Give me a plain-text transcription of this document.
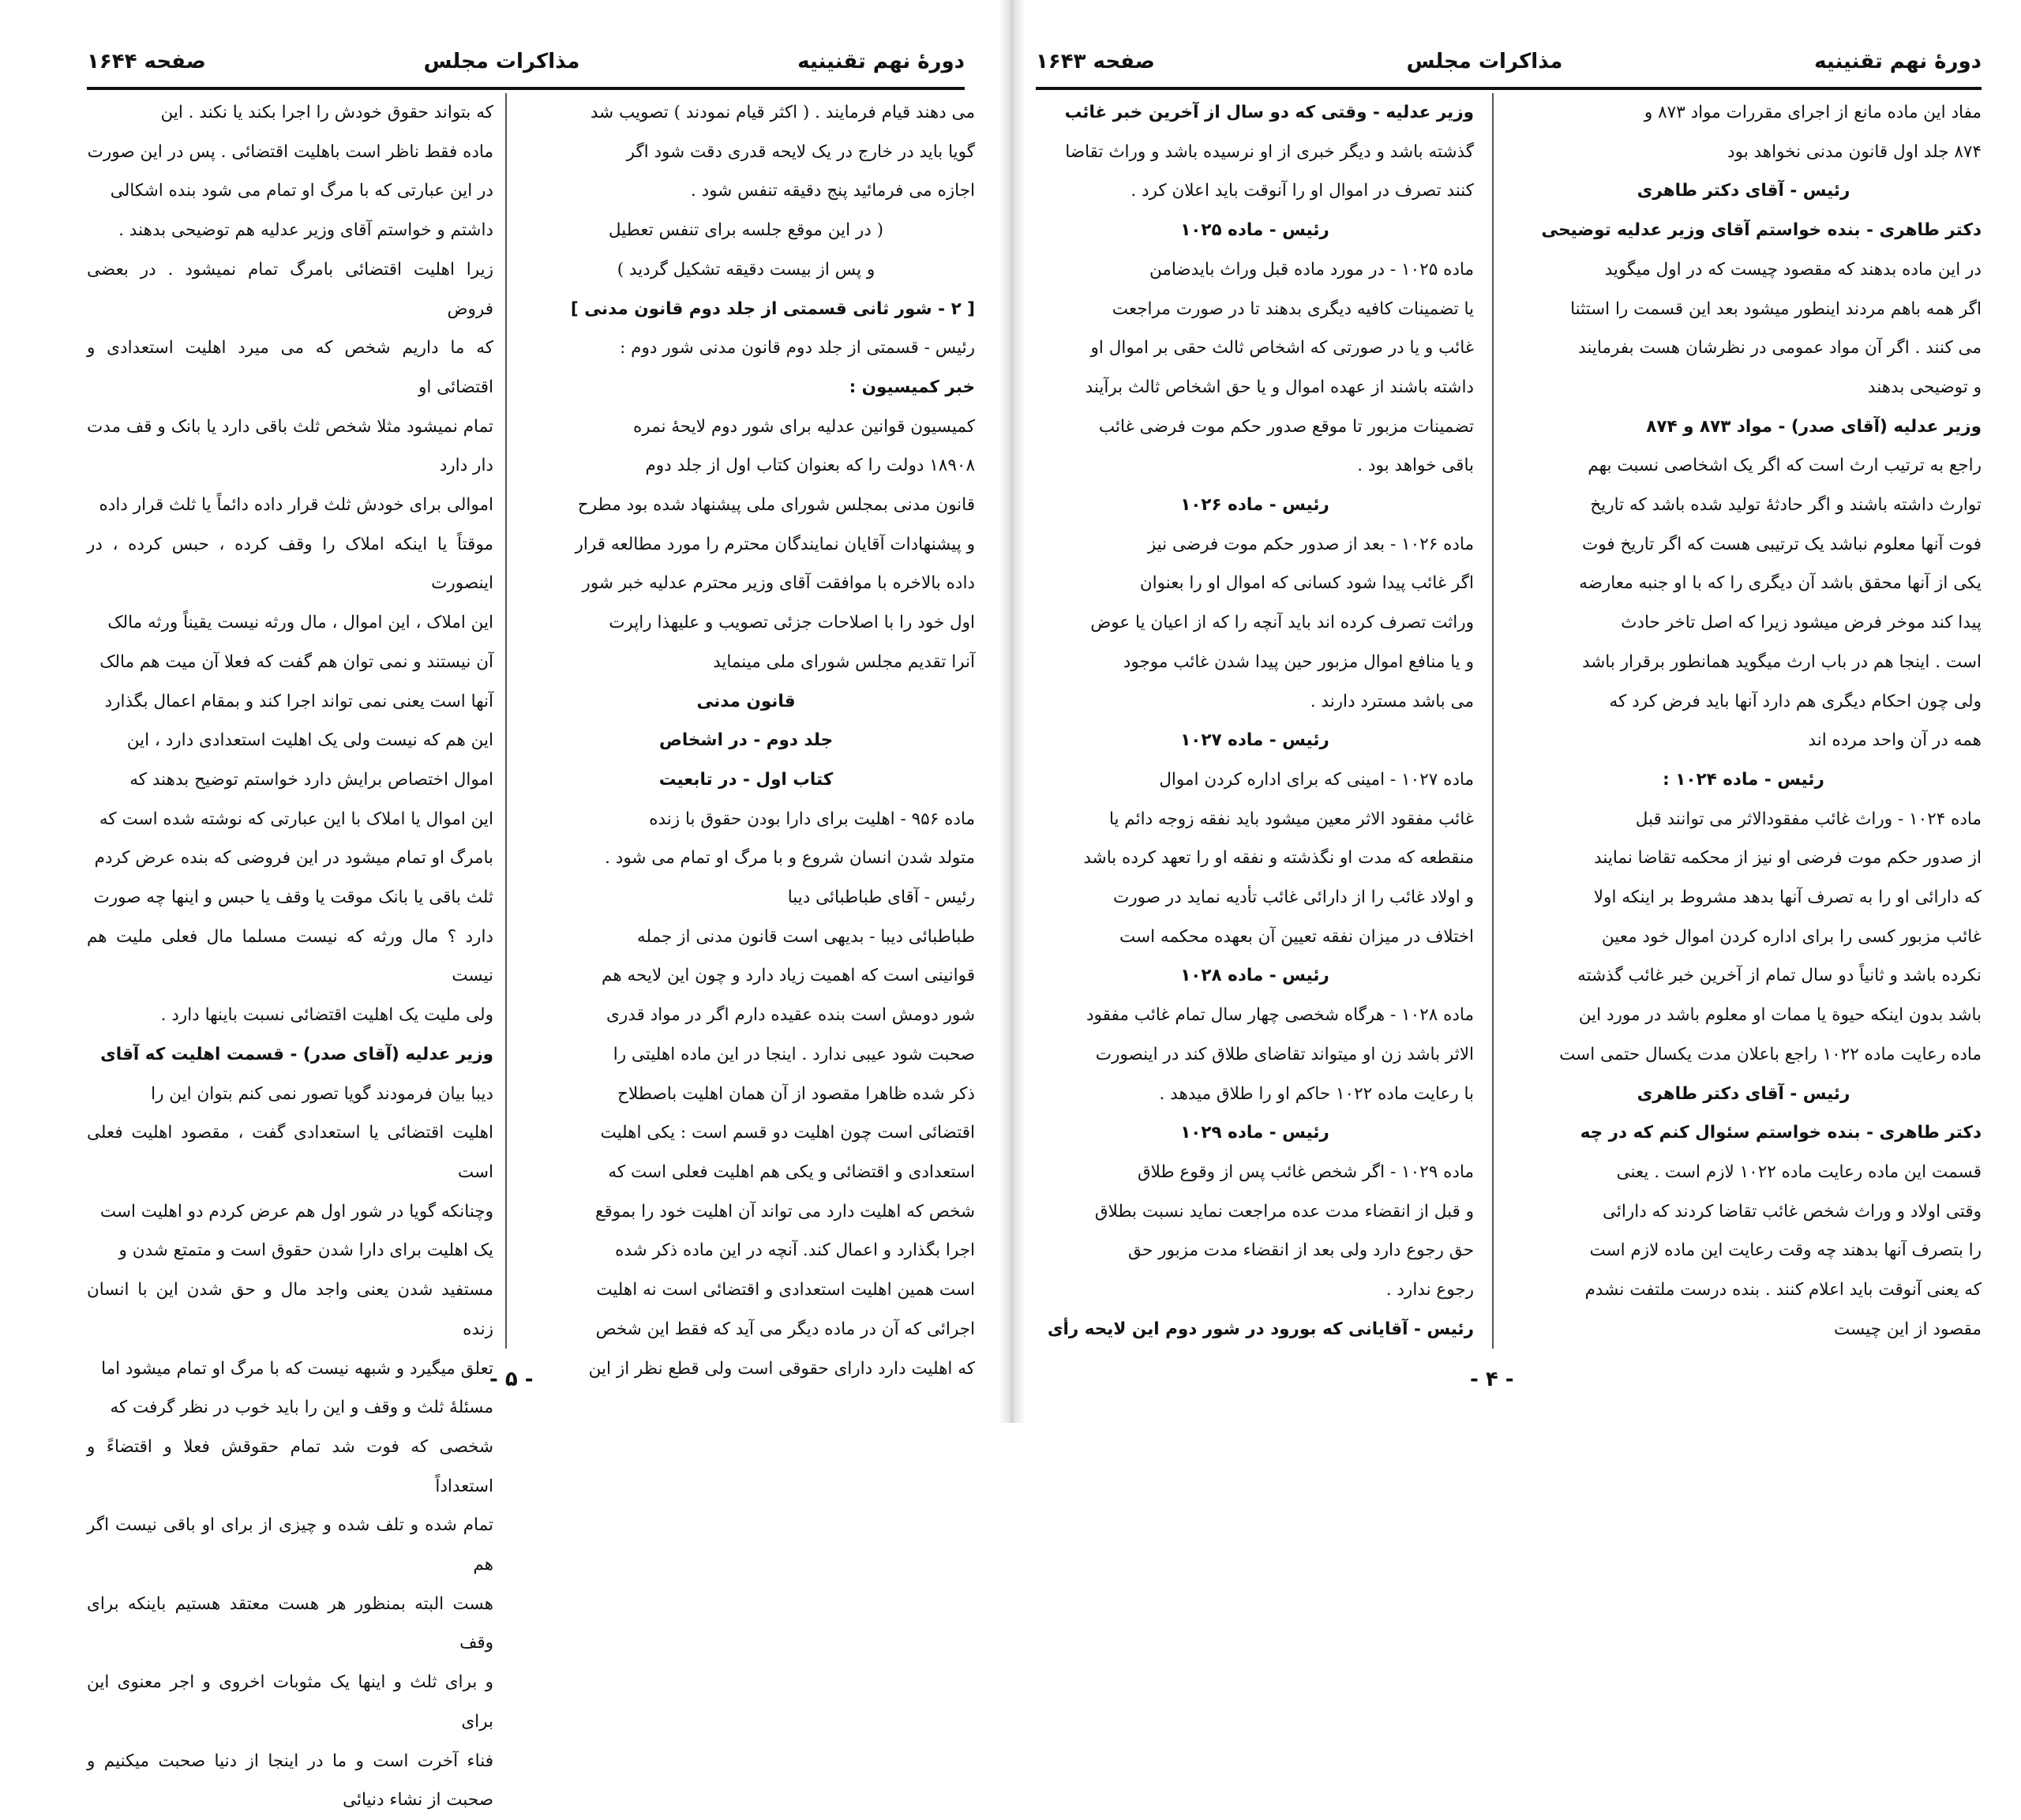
دورهٔ نهم تقنینیه
مذاکرات مجلس
صفحه ۱۶۴۴

می دهند قیام فرمایند . ( اکثر قیام نمودند ) تصویب شد

گویا باید در خارج در یک لایحه قدری دقت شود اگر

اجازه می فرمائید پنج دقیقه تنفس شود .

( در این موقع جلسه برای تنفس تعطیل

و پس از بیست دقیقه تشکیل گردید )

[ ۲ - شور ثانی قسمتی از جلد دوم قانون مدنی ]

رئیس - قسمتی از جلد دوم قانون مدنی شور دوم :

خبر کمیسیون :

کمیسیون قوانین عدلیه برای شور دوم لایحهٔ نمره

۱۸۹۰۸ دولت را که بعنوان کتاب اول از جلد دوم

قانون مدنی بمجلس شورای ملی پیشنهاد شده بود مطرح

و پیشنهادات آقایان نمایندگان محترم را مورد مطالعه قرار

داده بالاخره با موافقت آقای وزیر محترم عدلیه خبر شور

اول خود را با اصلاحات جزئی تصویب و علیهذا راپرت

آنرا تقدیم مجلس شورای ملی مینماید

قانون مدنی

جلد دوم - در اشخاص

کتاب اول - در تابعیت

ماده ۹۵۶ - اهلیت برای دارا بودن حقوق با زنده

متولد شدن انسان شروع و با مرگ او تمام می شود .

رئیس - آقای طباطبائی دیبا

طباطبائی دیبا - بدیهی است قانون مدنی از جمله

قوانینی است که اهمیت زیاد دارد و چون این لایحه هم

شور دومش است بنده عقیده دارم اگر در مواد قدری

صحبت شود عیبی ندارد . اینجا در این ماده اهلیتی را

ذکر شده ظاهرا مقصود از آن همان اهلیت باصطلاح

اقتضائی است چون اهلیت دو قسم است : یکی اهلیت

استعدادی و اقتضائی و یکی هم اهلیت فعلی است که

شخص که اهلیت دارد می تواند آن اهلیت خود را بموقع

اجرا بگذارد و اعمال کند. آنچه در این ماده ذکر شده

است همین اهلیت استعدادی و اقتضائی است نه اهلیت

اجرائی که آن در ماده دیگر می آید که فقط این شخص

که اهلیت دارد دارای حقوقی است ولی قطع نظر از این

که بتواند حقوق خودش را اجرا بکند یا نکند . این

ماده فقط ناظر است باهلیت اقتضائی . پس در این صورت

در این عبارتی که با مرگ او تمام می شود بنده اشکالی

داشتم و خواستم آقای وزیر عدلیه هم توضیحی بدهند .

زیرا اهلیت اقتضائی بامرگ تمام نمیشود . در بعضی فروض

که ما داریم شخص که می میرد اهلیت استعدادی و اقتضائی او

تمام نمیشود مثلا شخص ثلث باقی دارد یا بانک و قف مدت دار دارد

اموالی برای خودش ثلث قرار داده دائماً یا ثلث قرار داده

موقتاً یا اینکه املاک را وقف کرده ، حبس کرده ، در اینصورت

این املاک ، این اموال ، مال ورثه نیست یقیناً ورثه مالک

آن نیستند و نمی توان هم گفت که فعلا آن میت هم مالک

آنها است یعنی نمی تواند اجرا کند و بمقام اعمال بگذارد

این هم که نیست ولی یک اهلیت استعدادی دارد ، این

اموال اختصاص برایش دارد خواستم توضیح بدهند که

این اموال یا املاک با این عبارتی که نوشته شده است که

بامرگ او تمام میشود در این فروضی که بنده عرض کردم

ثلث باقی یا بانک موقت یا وقف یا حبس و اینها چه صورت

دارد ؟ مال ورثه که نیست مسلما مال فعلی ملیت هم نیست

ولی ملیت یک اهلیت اقتضائی نسبت باینها دارد .

وزیر عدلیه (آقای صدر) - قسمت اهلیت که آقای

دیبا بیان فرمودند گویا تصور نمی کنم بتوان این را

اهلیت اقتضائی یا استعدادی گفت ، مقصود اهلیت فعلی است

وچنانکه گویا در شور اول هم عرض کردم دو اهلیت است

یک اهلیت برای دارا شدن حقوق است و متمتع شدن و

مستفید شدن یعنی واجد مال و حق شدن این با انسان زنده

تعلق میگیرد و شبهه نیست که با مرگ او تمام میشود اما

مسئلهٔ ثلث و وقف و این را باید خوب در نظر گرفت که

شخصی که فوت شد تمام حقوقش فعلا و اقتضاءً و استعداداً

تمام شده و تلف شده و چیزی از برای او باقی نیست اگر هم

هست البته بمنظور هر هست معتقد هستیم باینکه برای وقف

و برای ثلث و اینها یک مثوبات اخروی و اجر معنوی این برای

فناء آخرت است و ما در اینجا از دنیا صحبت میکنیم و صحبت از نشاء دنیائی

- ۵ -
دورهٔ نهم تقنینیه
مذاکرات مجلس
صفحه ۱۶۴۳

مفاد این ماده مانع از اجرای مقررات مواد ۸۷۳ و

۸۷۴ جلد اول قانون مدنی نخواهد بود

رئیس - آقای دکتر طاهری

دکتر طاهری - بنده خواستم آقای وزیر عدلیه توضیحی

در این ماده بدهند که مقصود چیست که در اول میگوید

اگر همه باهم مردند اینطور میشود بعد این قسمت را استثنا

می کنند . اگر آن مواد عمومی در نظرشان هست بفرمایند

و توضیحی بدهند

وزیر عدلیه (آقای صدر) - مواد ۸۷۳ و ۸۷۴

راجع به ترتیب ارث است که اگر یک اشخاصی نسبت بهم

توارث داشته باشند و اگر حادثهٔ تولید شده باشد که تاریخ

فوت آنها معلوم نباشد یک ترتیبی هست که اگر تاریخ فوت

یکی از آنها محقق باشد آن دیگری را که با او جنبه معارضه

پیدا کند موخر فرض میشود زیرا که اصل تاخر حادث

است . اینجا هم در باب ارث میگوید همانطور برقرار باشد

ولی چون احکام دیگری هم دارد آنها باید فرض کرد که

همه در آن واحد مرده اند

رئیس - ماده ۱۰۲۴ :

ماده ۱۰۲۴ - وراث غائب مفقودالاثر می توانند قبل

از صدور حکم موت فرضی او نیز از محکمه تقاضا نمایند

که دارائی او را به تصرف آنها بدهد مشروط بر اینکه اولا

غائب مزبور کسی را برای اداره کردن اموال خود معین

نکرده باشد و ثانیاً دو سال تمام از آخرین خبر غائب گذشته

باشد بدون اینکه حیوة یا ممات او معلوم باشد در مورد این

ماده رعایت ماده ۱۰۲۲ راجع باعلان مدت یکسال حتمی است

رئیس - آقای دکتر طاهری

دکتر طاهری - بنده خواستم سئوال کنم که در چه

قسمت این ماده رعایت ماده ۱۰۲۲ لازم است . یعنی

وقتی اولاد و وراث شخص غائب تقاضا کردند که دارائی

را بتصرف آنها بدهند چه وقت رعایت این ماده لازم است

که یعنی آنوقت باید اعلام کنند . بنده درست ملتفت نشدم

مقصود از این چیست

وزیر عدلیه - وقتی که دو سال از آخرین خبر غائب

گذشته باشد و دیگر خبری از او نرسیده باشد و وراث تقاضا

کنند تصرف در اموال او را آنوقت باید اعلان کرد .

رئیس - ماده ۱۰۲۵

ماده ۱۰۲۵ - در مورد ماده قبل وراث بایدضامن

یا تضمینات کافیه دیگری بدهند تا در صورت مراجعت

غائب و یا در صورتی که اشخاص ثالث حقی بر اموال او

داشته باشند از عهده اموال و یا حق اشخاص ثالث برآیند

تضمینات مزبور تا موقع صدور حکم موت فرضی غائب

باقی خواهد بود .

رئیس - ماده ۱۰۲۶

ماده ۱۰۲۶ - بعد از صدور حکم موت فرضی نیز

اگر غائب پیدا شود کسانی که اموال او را بعنوان

وراثت تصرف کرده اند باید آنچه را که از اعیان یا عوض

و یا منافع اموال مزبور حین پیدا شدن غائب موجود

می باشد مسترد دارند .

رئیس - ماده ۱۰۲۷

ماده ۱۰۲۷ - امینی که برای اداره کردن اموال

غائب مفقود الاثر معین میشود باید نفقه زوجه دائم یا

منقطعه که مدت او نگذشته و نفقه او را تعهد کرده باشد

و اولاد غائب را از دارائی غائب تأدیه نماید در صورت

اختلاف در میزان نفقه تعیین آن بعهده محکمه است

رئیس - ماده ۱۰۲۸

ماده ۱۰۲۸ - هرگاه شخصی چهار سال تمام غائب مفقود

الاثر باشد زن او میتواند تقاضای طلاق کند در اینصورت

با رعایت ماده ۱۰۲۲ حاکم او را طلاق میدهد .

رئیس - ماده ۱۰۲۹

ماده ۱۰۲۹ - اگر شخص غائب پس از وقوع طلاق

و قبل از انقضاء مدت عده مراجعت نماید نسبت بطلاق

حق رجوع دارد ولی بعد از انقضاء مدت مزبور حق

رجوع ندارد .

رئیس - آقایانی که بورود در شور دوم این لایحه رأی

- ۴ -
